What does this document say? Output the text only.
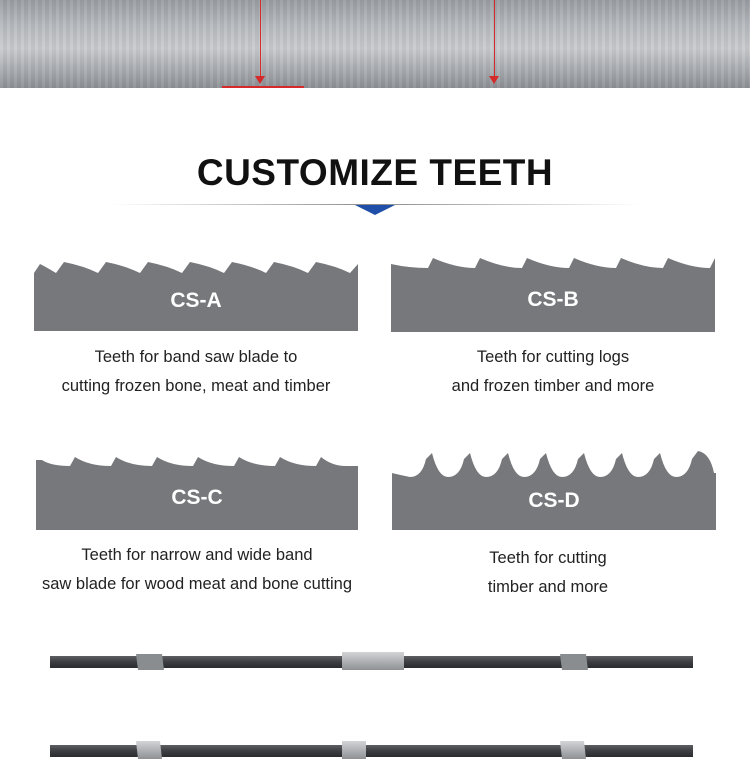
CUSTOMIZE TEETH
CS-A
Teeth for band saw blade to
cutting frozen bone, meat and timber
CS-B
Teeth for cutting logs
and frozen timber and more
CS-C
Teeth for narrow and wide band
saw blade for wood meat and bone cutting
CS-D
Teeth for cutting
timber and more
